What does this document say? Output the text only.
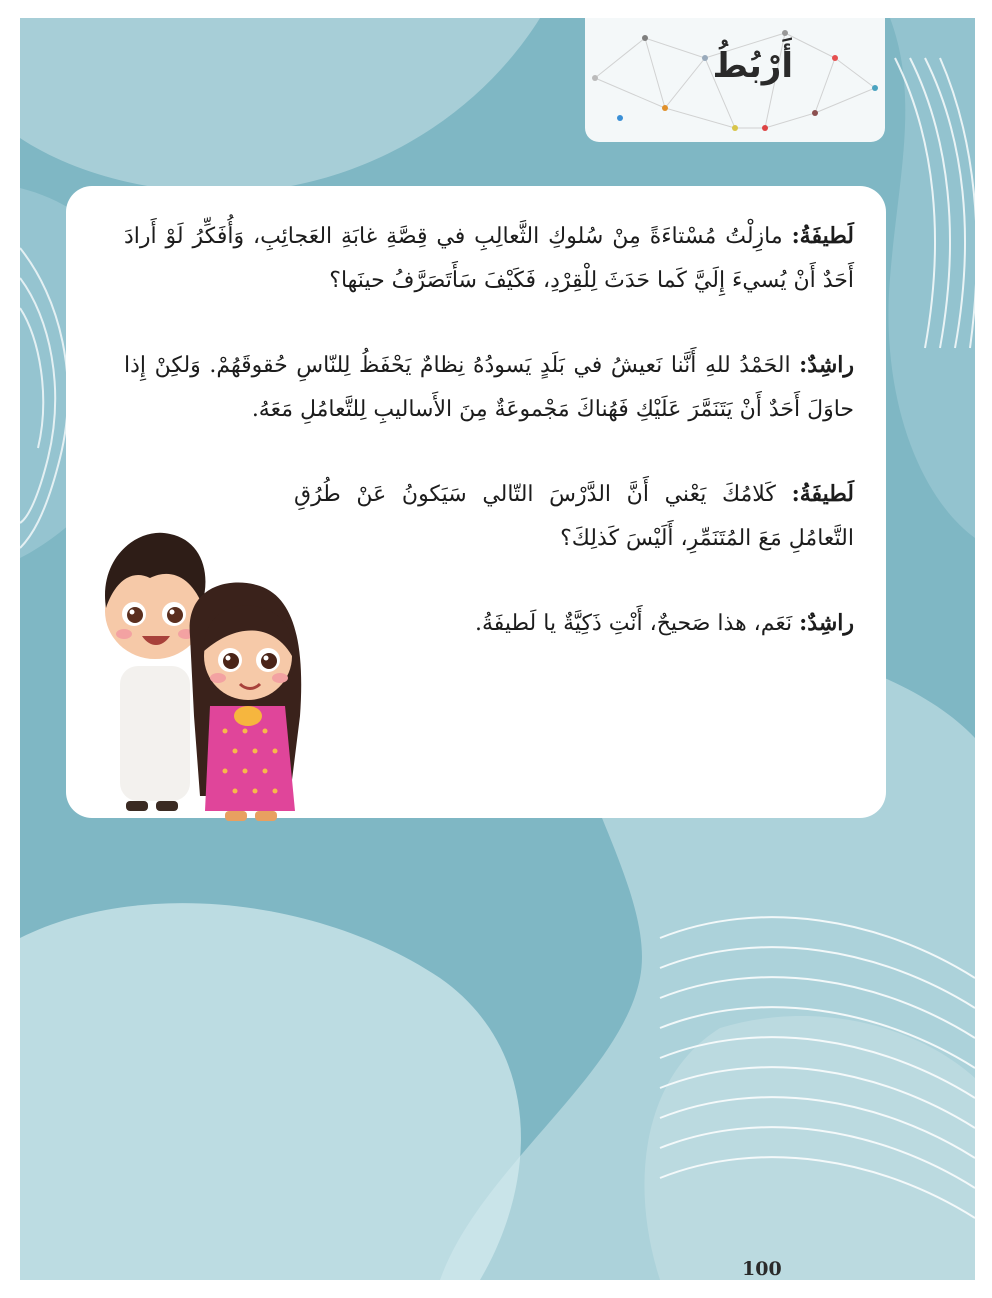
أَرْبُطُ

لَطيفَةُ: مازِلْتُ مُسْتاءَةً مِنْ سُلوكِ الثَّعالِبِ في قِصَّةِ غابَةِ العَجائِبِ، وَأُفَكِّرُ لَوْ أَرادَ أَحَدٌ أَنْ يُسيءَ إِلَيَّ كَما حَدَثَ لِلْقِرْدِ، فَكَيْفَ سَأَتَصَرَّفُ حينَها؟

راشِدٌ: الحَمْدُ للهِ أَنَّنا نَعيشُ في بَلَدٍ يَسودُهُ نِظامٌ يَحْفَظُ لِلنّاسِ حُقوقَهُمْ. وَلكِنْ إِذا حاوَلَ أَحَدٌ أَنْ يَتَنَمَّرَ عَلَيْكِ فَهُناكَ مَجْموعَةٌ مِنَ الأَساليبِ لِلتَّعامُلِ مَعَهُ.

لَطيفَةُ: كَلامُكَ يَعْني أَنَّ الدَّرْسَ التّالي سَيَكونُ عَنْ طُرُقِ التَّعامُلِ مَعَ المُتَنَمِّرِ، أَلَيْسَ كَذلِكَ؟

راشِدٌ: نَعَم، هذا صَحيحٌ، أَنْتِ ذَكِيَّةٌ يا لَطيفَةُ.

100
